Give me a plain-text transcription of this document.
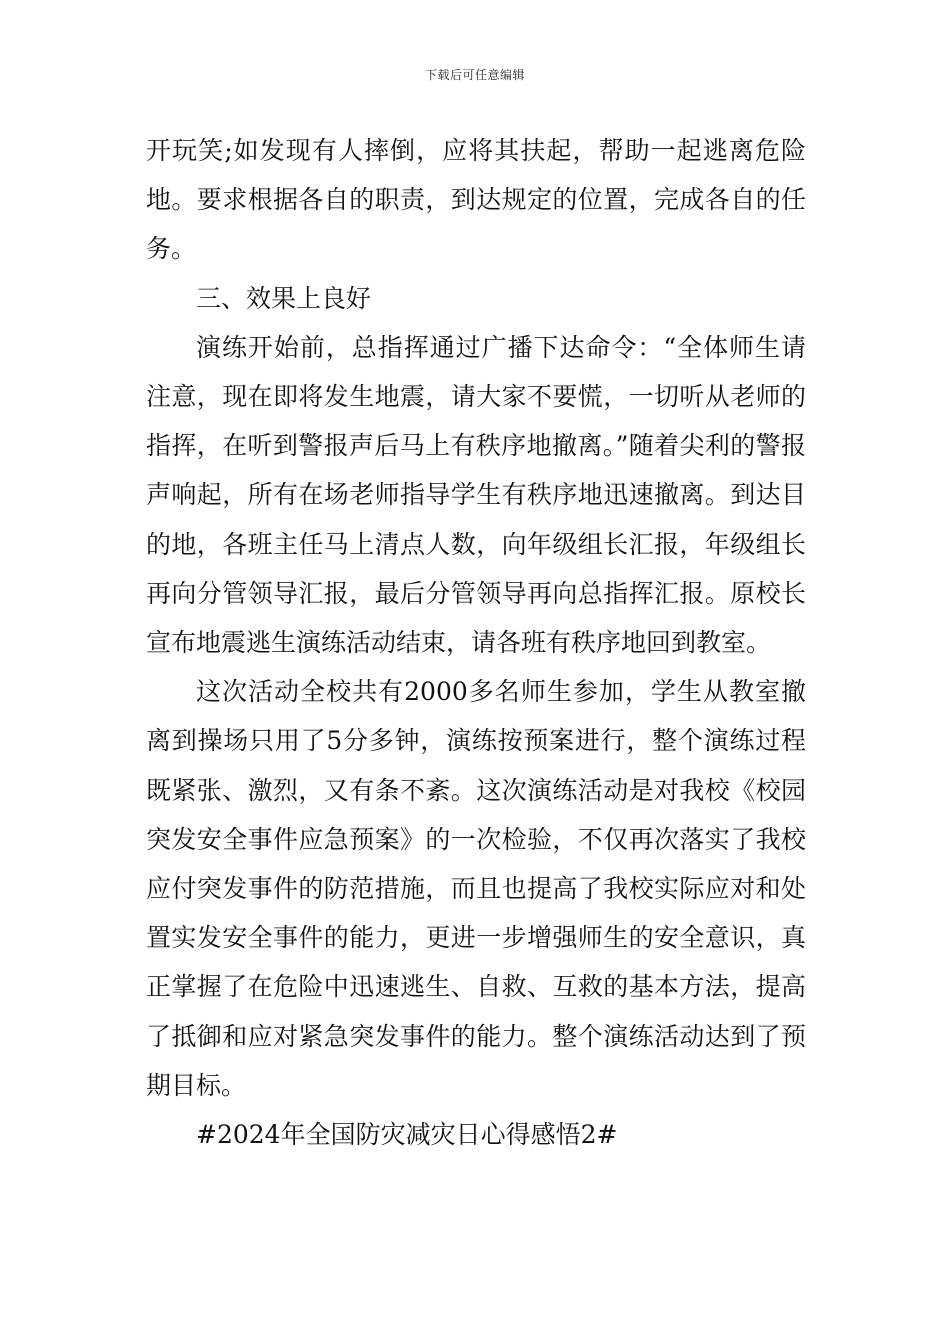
下载后可任意编辑

开玩笑;如发现有人摔倒，应将其扶起，帮助一起逃离危险地。要求根据各自的职责，到达规定的位置，完成各自的任务。

三、效果上良好

演练开始前，总指挥通过广播下达命令：“全体师生请注意，现在即将发生地震，请大家不要慌，一切听从老师的指挥，在听到警报声后马上有秩序地撤离。”随着尖利的警报声响起，所有在场老师指导学生有秩序地迅速撤离。到达目的地，各班主任马上清点人数，向年级组长汇报，年级组长再向分管领导汇报，最后分管领导再向总指挥汇报。原校长宣布地震逃生演练活动结束，请各班有秩序地回到教室。

这次活动全校共有2000多名师生参加，学生从教室撤离到操场只用了5分多钟，演练按预案进行，整个演练过程既紧张、激烈，又有条不紊。这次演练活动是对我校《校园突发安全事件应急预案》的一次检验，不仅再次落实了我校应付突发事件的防范措施，而且也提高了我校实际应对和处置实发安全事件的能力，更进一步增强师生的安全意识，真正掌握了在危险中迅速逃生、自救、互救的基本方法，提高了抵御和应对紧急突发事件的能力。整个演练活动达到了预期目标。

#2024年全国防灾减灾日心得感悟2#
